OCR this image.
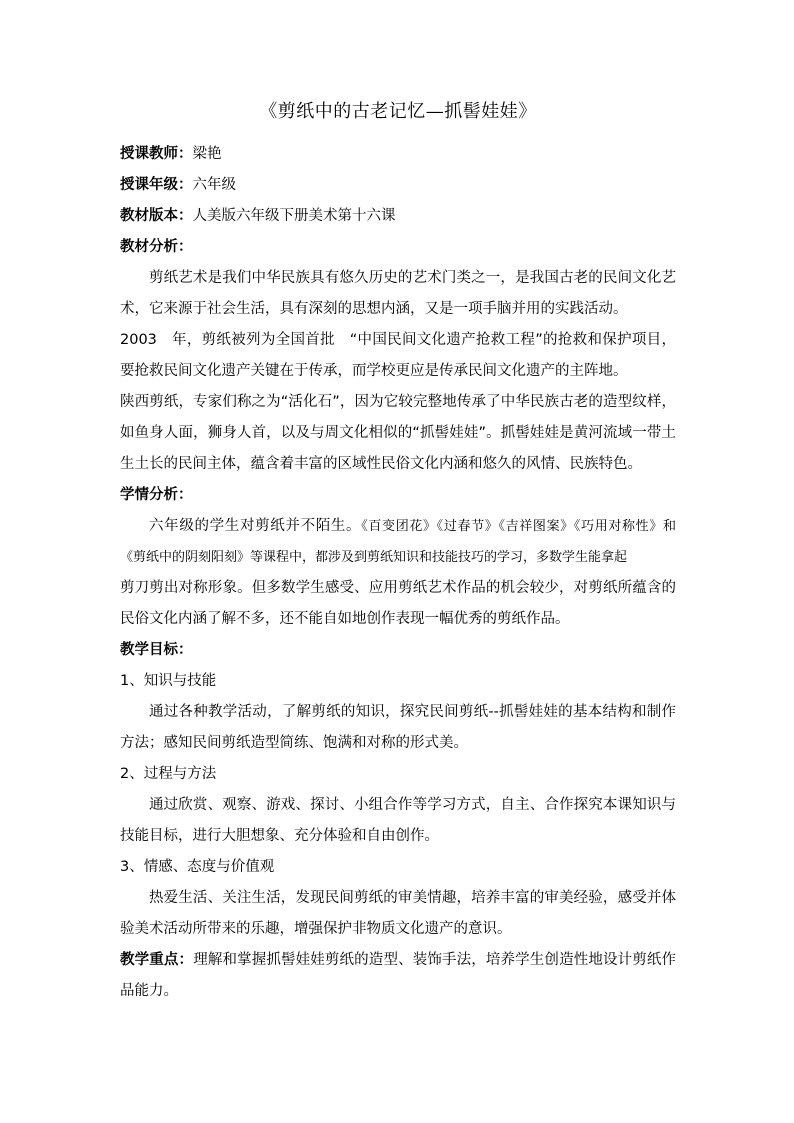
《剪纸中的古老记忆—抓髻娃娃》

授课教师：梁艳

授课年级：六年级

教材版本：人美版六年级下册美术第十六课

教材分析：

剪纸艺术是我们中华民族具有悠久历史的艺术门类之一，是我国古老的民间文化艺术，它来源于社会生活，具有深刻的思想内涵，又是一项手脑并用的实践活动。

2003　年，剪纸被列为全国首批　“中国民间文化遗产抢救工程”的抢救和保护项目，要抢救民间文化遗产关键在于传承，而学校更应是传承民间文化遗产的主阵地。

陕西剪纸，专家们称之为“活化石”，因为它较完整地传承了中华民族古老的造型纹样，如鱼身人面，狮身人首，以及与周文化相似的“抓髻娃娃”。抓髻娃娃是黄河流域一带土生土长的民间主体，蕴含着丰富的区域性民俗文化内涵和悠久的风情、民族特色。

学情分析：

六年级的学生对剪纸并不陌生。《百变团花》《过春节》《吉祥图案》《巧用对称性》和《剪纸中的阴刻阳刻》等课程中，都涉及到剪纸知识和技能技巧的学习，多数学生能拿起

剪刀剪出对称形象。但多数学生感受、应用剪纸艺术作品的机会较少，对剪纸所蕴含的民俗文化内涵了解不多，还不能自如地创作表现一幅优秀的剪纸作品。

教学目标：

1、知识与技能

通过各种教学活动，了解剪纸的知识，探究民间剪纸--抓髻娃娃的基本结构和制作方法；感知民间剪纸造型简练、饱满和对称的形式美。

2、过程与方法

通过欣赏、观察、游戏、探讨、小组合作等学习方式，自主、合作探究本课知识与技能目标，进行大胆想象、充分体验和自由创作。

3、情感、态度与价值观

热爱生活、关注生活，发现民间剪纸的审美情趣，培养丰富的审美经验，感受并体验美术活动所带来的乐趣，增强保护非物质文化遗产的意识。

教学重点：理解和掌握抓髻娃娃剪纸的造型、装饰手法，培养学生创造性地设计剪纸作品能力。
